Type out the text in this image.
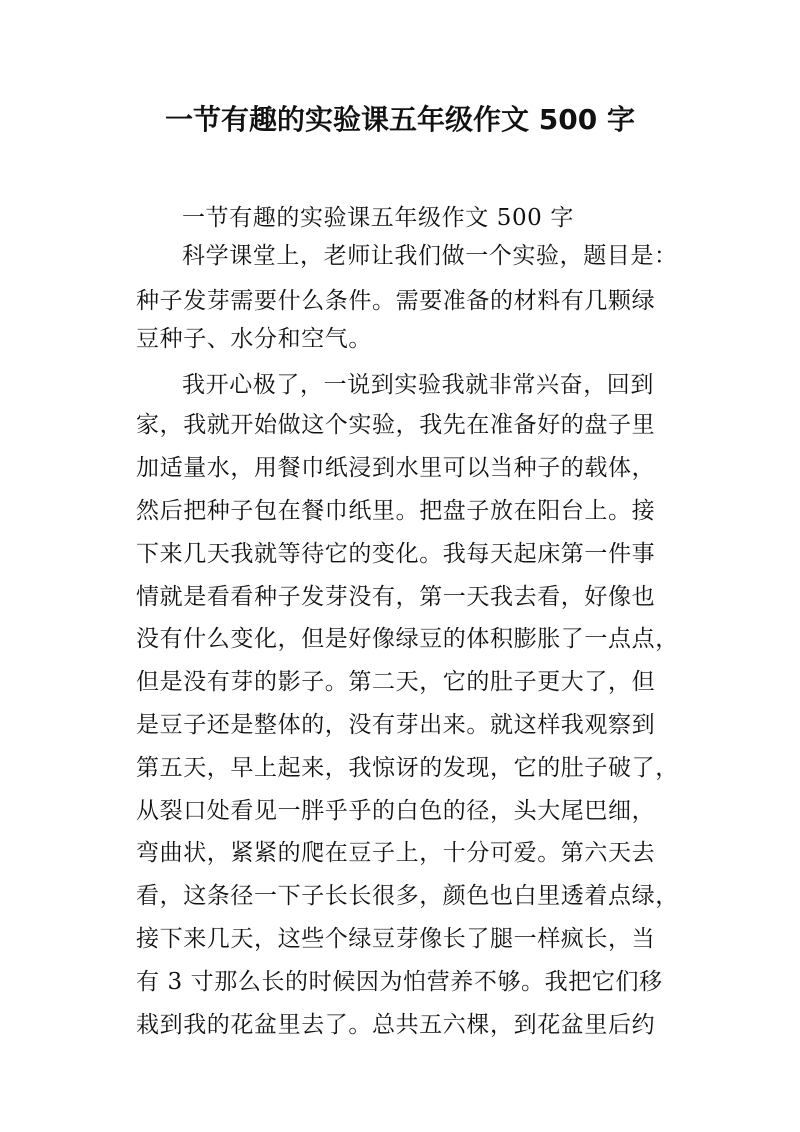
一节有趣的实验课五年级作文 500 字
一节有趣的实验课五年级作文 500 字
科学课堂上，老师让我们做一个实验，题目是：
种子发芽需要什么条件。需要准备的材料有几颗绿
豆种子、水分和空气。
我开心极了，一说到实验我就非常兴奋，回到
家，我就开始做这个实验，我先在准备好的盘子里
加适量水，用餐巾纸浸到水里可以当种子的载体，
然后把种子包在餐巾纸里。把盘子放在阳台上。接
下来几天我就等待它的变化。我每天起床第一件事
情就是看看种子发芽没有，第一天我去看，好像也
没有什么变化，但是好像绿豆的体积膨胀了一点点，
但是没有芽的影子。第二天，它的肚子更大了，但
是豆子还是整体的，没有芽出来。就这样我观察到
第五天，早上起来，我惊讶的发现，它的肚子破了，
从裂口处看见一胖乎乎的白色的径，头大尾巴细，
弯曲状，紧紧的爬在豆子上，十分可爱。第六天去
看，这条径一下子长长很多，颜色也白里透着点绿，
接下来几天，这些个绿豆芽像长了腿一样疯长，当
有 3 寸那么长的时候因为怕营养不够。我把它们移
栽到我的花盆里去了。总共五六棵，到花盆里后约
